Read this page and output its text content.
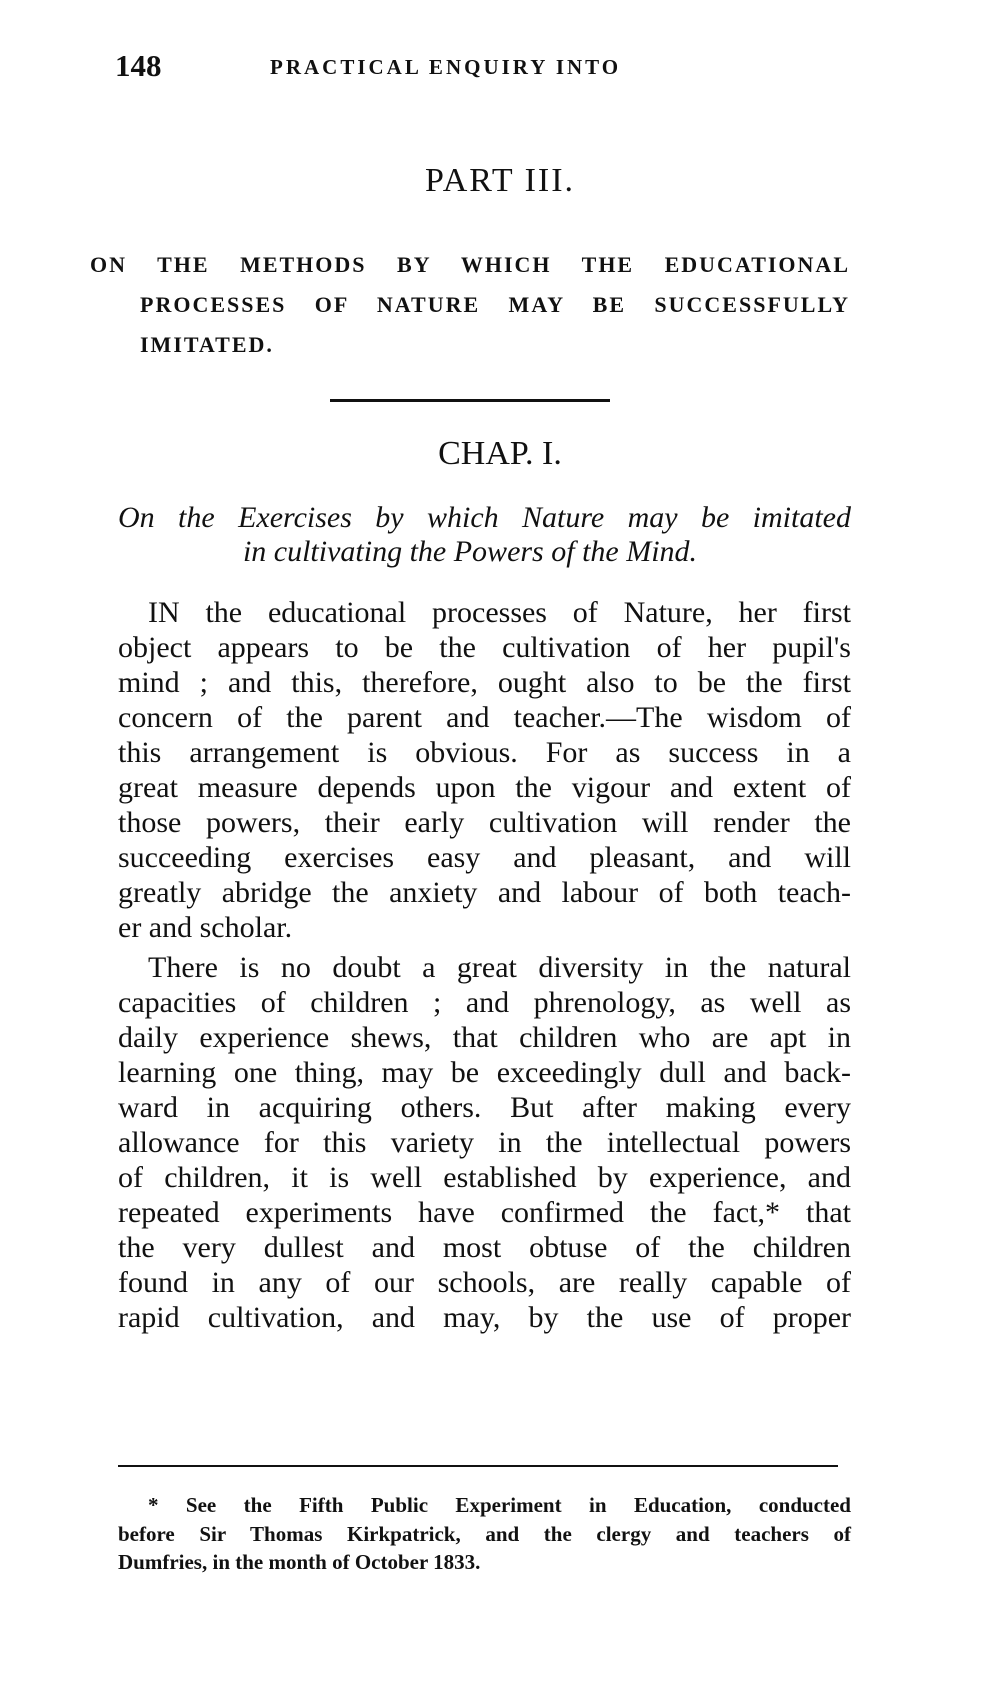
148	PRACTICAL ENQUIRY INTO
PART III.
ON THE METHODS BY WHICH THE EDUCATIONAL
PROCESSES OF NATURE MAY BE SUCCESSFULLY
IMITATED.
CHAP. I.
On the Exercises by which Nature may be imitated
in cultivating the Powers of the Mind.
IN the educational processes of Nature, her first
object appears to be the cultivation of her pupil's
mind ; and this, therefore, ought also to be the first
concern of the parent and teacher.—The wisdom of
this arrangement is obvious. For as success in a
great measure depends upon the vigour and extent of
those powers, their early cultivation will render the
succeeding exercises easy and pleasant, and will
greatly abridge the anxiety and labour of both teach-
er and scholar.
There is no doubt a great diversity in the natural
capacities of children ; and phrenology, as well as
daily experience shews, that children who are apt in
learning one thing, may be exceedingly dull and back-
ward in acquiring others. But after making every
allowance for this variety in the intellectual powers
of children, it is well established by experience, and
repeated experiments have confirmed the fact,* that
the very dullest and most obtuse of the children
found in any of our schools, are really capable of
rapid cultivation, and may, by the use of proper
* See the Fifth Public Experiment in Education, conducted
before Sir Thomas Kirkpatrick, and the clergy and teachers of
Dumfries, in the month of October 1833.
